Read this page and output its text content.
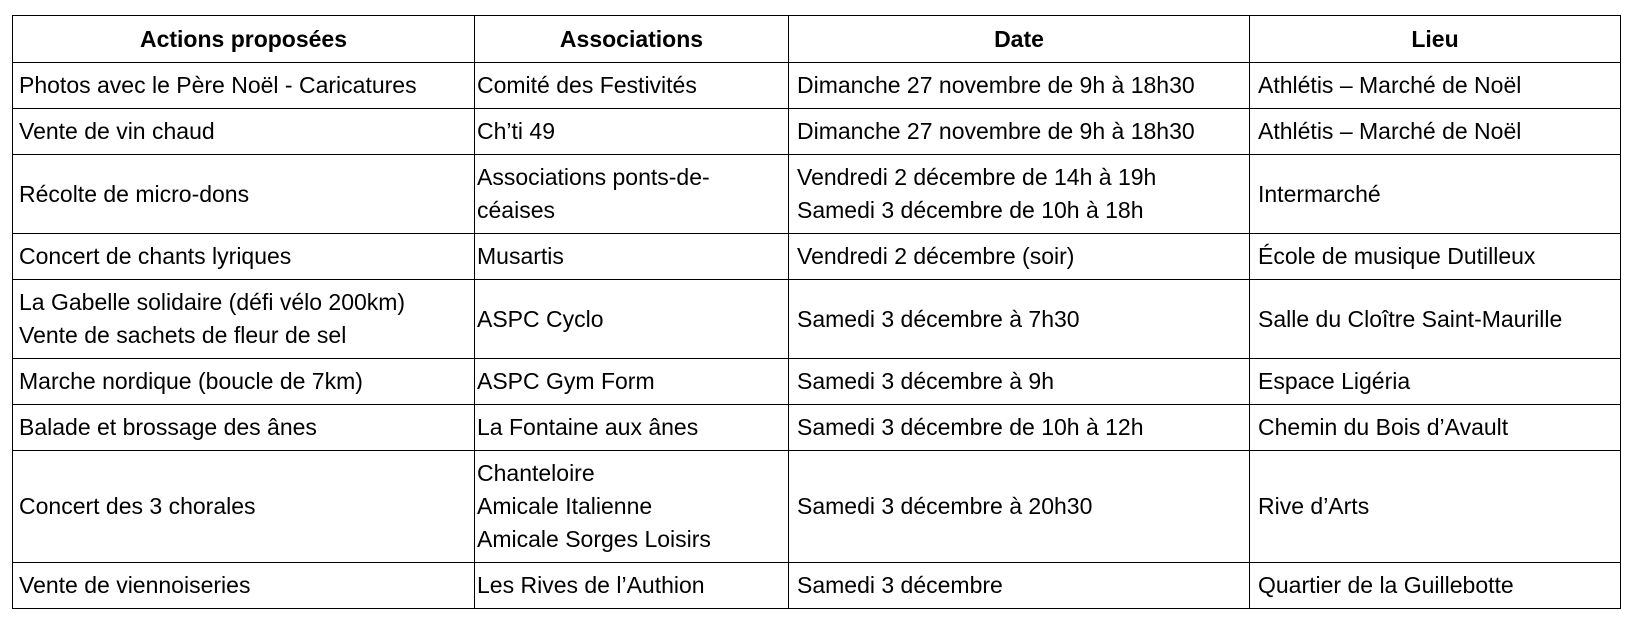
Actions proposées	Associations	Date	Lieu

Photos avec le Père Noël - Caricatures	Comité des Festivités	Dimanche 27 novembre de 9h à 18h30	Athlétis – Marché de Noël

Vente de vin chaud	Ch’ti 49	Dimanche 27 novembre de 9h à 18h30	Athlétis – Marché de Noël

Récolte de micro-dons	Associations ponts-de-
céaises	Vendredi 2 décembre de 14h à 19h
Samedi 3 décembre de 10h à 18h	Intermarché

Concert de chants lyriques	Musartis	Vendredi 2 décembre (soir)	École de musique Dutilleux

La Gabelle solidaire (défi vélo 200km)
Vente de sachets de fleur de sel	ASPC Cyclo	Samedi 3 décembre à 7h30	Salle du Cloître Saint-Maurille

Marche nordique (boucle de 7km)	ASPC Gym Form	Samedi 3 décembre à 9h	Espace Ligéria

Balade et brossage des ânes	La Fontaine aux ânes	Samedi 3 décembre de 10h à 12h	Chemin du Bois d’Avault

Concert des 3 chorales	Chanteloire
Amicale Italienne
Amicale Sorges Loisirs	Samedi 3 décembre à 20h30	Rive d’Arts

Vente de viennoiseries	Les Rives de l’Authion	Samedi 3 décembre	Quartier de la Guillebotte
